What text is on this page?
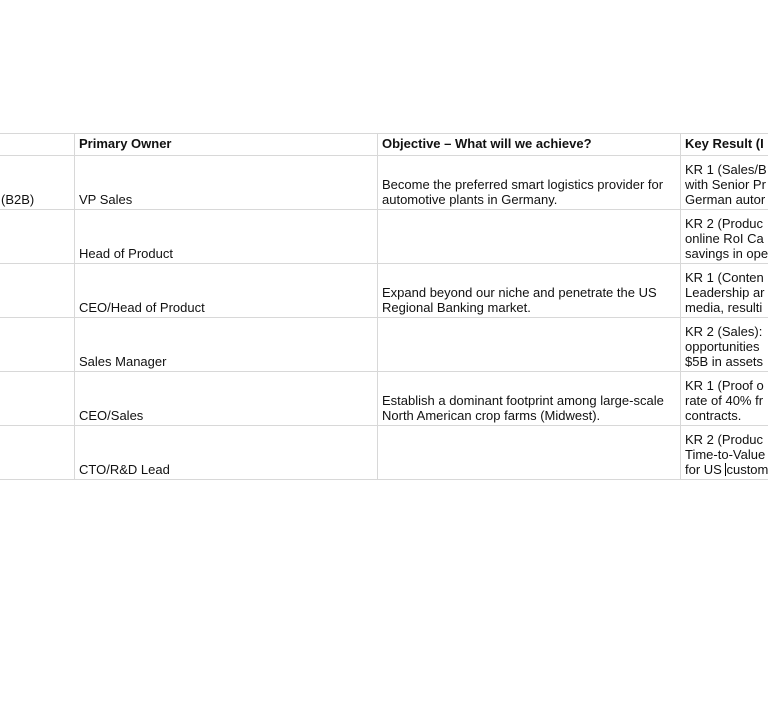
	Primary Owner	Objective – What will we achieve?	Key Result (I
(B2B)	VP Sales	Become the preferred smart logistics provider for automotive plants in Germany.	KR 1 (Sales/B
with Senior Pr
German autor

	Head of Product		KR 2 (Produc
online RoI Ca
savings in ope

	CEO/Head of Product	Expand beyond our niche and penetrate the US Regional Banking market.	KR 1 (Conten
Leadership ar
media, resulti

	Sales Manager		KR 2 (Sales):
opportunities
$5B in assets

	CEO/Sales	Establish a dominant footprint among large-scale North American crop farms (Midwest).	KR 1 (Proof o
rate of 40% fr
contracts.

	CTO/R&D Lead		KR 2 (Produc
Time-to-Value
for US custom
